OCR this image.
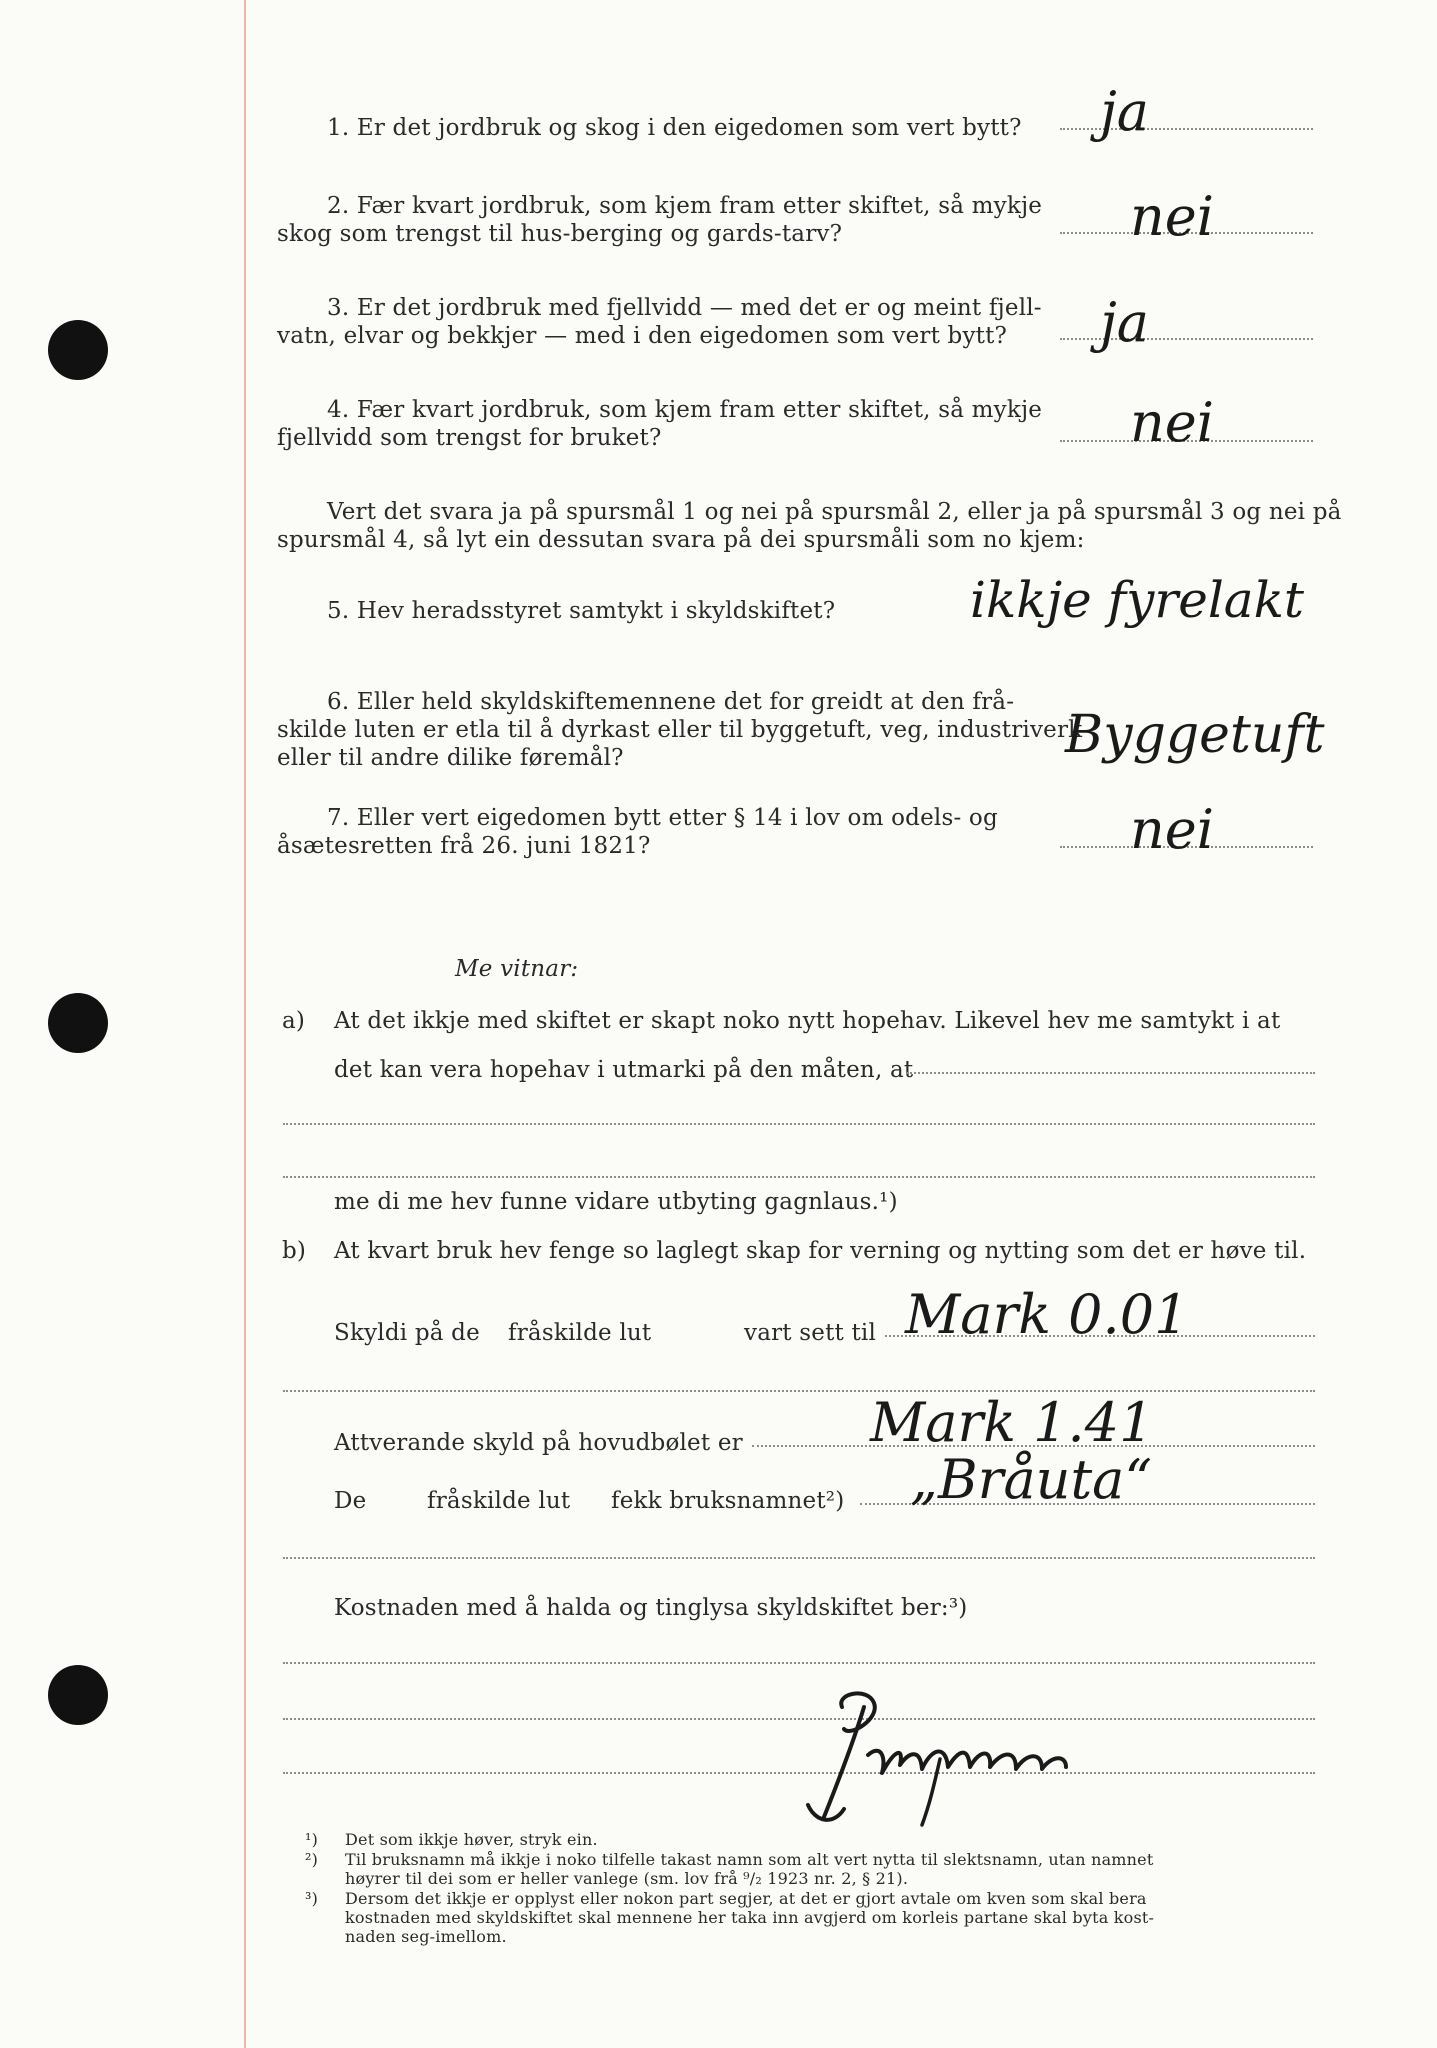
1. Er det jordbruk og skog i den eigedomen som vert bytt? ja
2. Fær kvart jordbruk, som kjem fram etter skiftet, så mykje
skog som trengst til hus-berging og gards-tarv?	nei
3. Er det jordbruk med fjellvidd — med det er og meint fjell-
vatn, elvar og bekkjer — med i den eigedomen som vert bytt? ja
4. Fær kvart jordbruk, som kjem fram etter skiftet, så mykje
fjellvidd som trengst for bruket?	nei
Vert det svara ja på spursmål 1 og nei på spursmål 2, eller ja på spursmål 3 og nei på
spursmål 4, så lyt ein dessutan svara på dei spursmåli som no kjem:
5. Hev heradsstyret samtykt i skyldskiftet?	ikkje fyrelakt
6. Eller held skyldskiftemennene det for greidt at den frå-
skilde luten er etla til å dyrkast eller til byggetuft, veg, industriverk
eller til andre dilike føremål?	Byggetuft
7. Eller vert eigedomen bytt etter § 14 i lov om odels- og
åsætesretten frå 26. juni 1821?	nei
Me vitnar:
a) At det ikkje med skiftet er skapt noko nytt hopehav. Likevel hev me samtykt i at
det kan vera hopehav i utmarki på den måten, at
me di me hev funne vidare utbyting gagnlaus.¹)
b) At kvart bruk hev fenge so laglegt skap for verning og nytting som det er høve til.
Skyldi på de fråskilde lut	vart sett til Mark 0.01
Attverande skyld på hovudbølet er Mark 1.41
De	fråskilde lut fekk bruksnamnet²) „Bråuta“
Kostnaden med å halda og tinglysa skyldskiftet ber:³)
¹) Det som ikkje høver, stryk ein.
²) Til bruksnamn må ikkje i noko tilfelle takast namn som alt vert nytta til slektsnamn, utan namnet
høyrer til dei som er heller vanlege (sm. lov frå ⁹/₂ 1923 nr. 2, § 21).
³) Dersom det ikkje er opplyst eller nokon part segjer, at det er gjort avtale om kven som skal bera
kostnaden med skyldskiftet skal mennene her taka inn avgjerd om korleis partane skal byta kost-
naden seg-imellom.
